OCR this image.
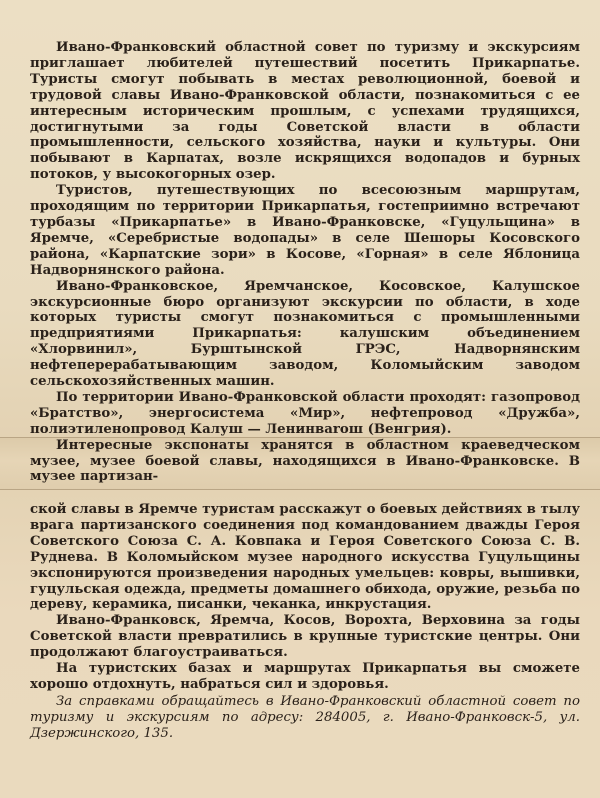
Ивано-Франковский областной совет по туризму и экскурсиям приглашает любителей путешествий посетить Прикарпатье. Туристы смогут побывать в местах революционной, боевой и трудовой славы Ивано-Франковской области, познакомиться с ее интересным историческим прошлым, с успехами трудящихся, достигнутыми за годы Советской власти в области промышленности, сельского хозяйства, науки и культуры. Они побывают в Карпатах, возле искрящихся водопадов и бурных потоков, у высокогорных озер.

Туристов, путешествующих по всесоюзным маршрутам, проходящим по территории Прикарпатья, гостеприимно встречают турбазы «Прикарпатье» в Ивано-Франковске, «Гуцульщина» в Яремче, «Серебристые водопады» в селе Шешоры Косовского района, «Карпатские зори» в Косове, «Горная» в селе Яблоница Надворнянского района.

Ивано-Франковское, Яремчанское, Косовское, Калушское экскурсионные бюро организуют экскурсии по области, в ходе которых туристы смогут познакомиться с промышленными предприятиями Прикарпатья: калушским объединением «Хлорвинил», Бурштынской ГРЭС, Надворнянским нефтеперерабатывающим заводом, Коломыйским заводом сельскохозяйственных машин.

По территории Ивано-Франковской области проходят: газопровод «Братство», энергосистема «Мир», нефтепровод «Дружба», полиэтиленопровод Калуш — Ленинвarош (Венгрия).

Интересные экспонаты хранятся в областном краеведческом музее, музее боевой славы, находящихся в Ивано-Франковске. В музее партизан-

ской славы в Яремче туристам расскажут о боевых действиях в тылу врага партизанского соединения под командованием дважды Героя Советского Союза С. А. Ковпака и Героя Советского Союза С. В. Руднева. В Коломыйском музее народного искусства Гуцульщины экспонируются произведения народных умельцев: ковры, вышивки, гуцульская одежда, предметы домашнего обихода, оружие, резьба по дереву, керамика, писанки, чеканка, инкрустация.

Ивано-Франковск, Яремча, Косов, Ворохта, Верховина за годы Советской власти превратились в крупные туристские центры. Они продолжают благоустраиваться.

На туристских базах и маршрутах Прикарпатья вы сможете хорошо отдохнуть, набраться сил и здоровья.

За справками обращайтесь в Ивано-Франковский областной совет по туризму и экскурсиям по адресу: 284005, г. Ивано-Франковск-5, ул. Дзержинского, 135.
